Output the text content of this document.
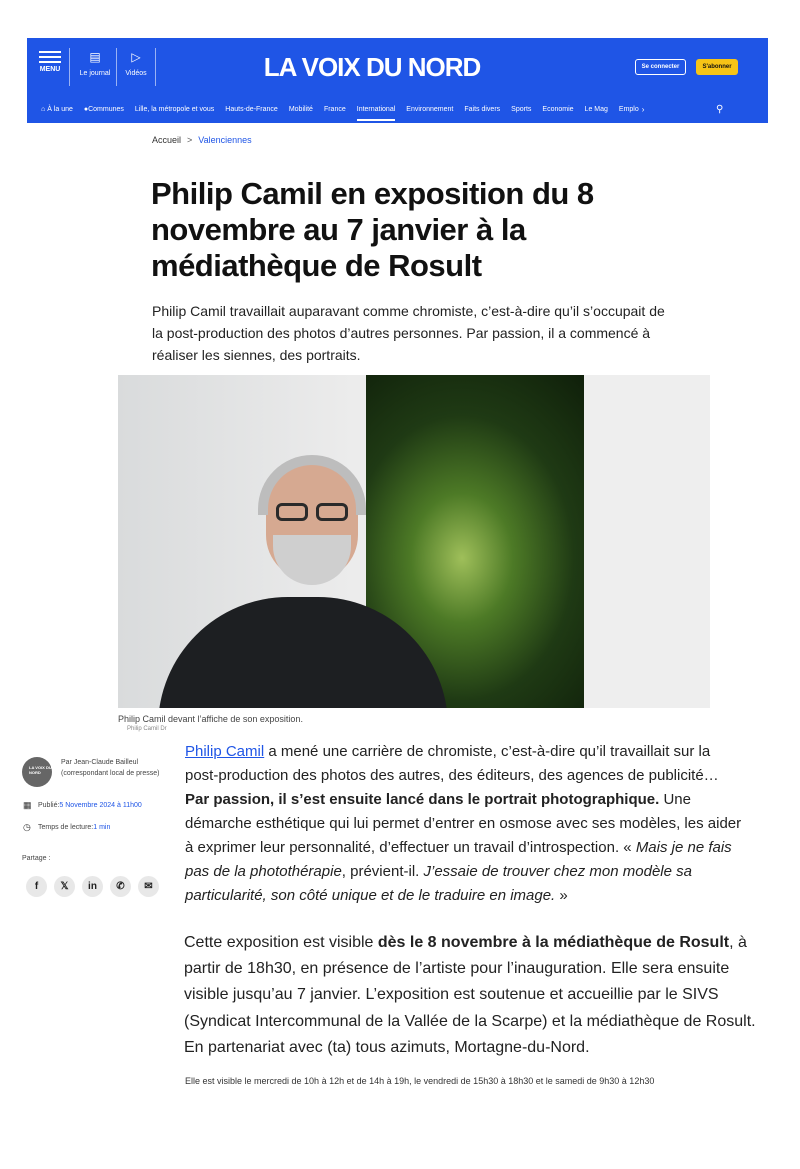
MENU
▤
Le journal
▷
Vidéos	LA VOIX DU NORD	Se connecter	S'abonner
⌂ À la une ●Communes Lille, la métropole et vous Hauts-de-France Mobilité France International Environnement Faits divers Sports Economie Le Mag Emplo ›	⚲
Accueil > Valenciennes
Philip Camil en exposition du 8 novembre au 7 janvier à la médiathèque de Rosult

Philip Camil travaillait auparavant comme chromiste, c’est-à-dire qu’il s’occupait de la post-production des photos d’autres personnes. Par passion, il a commencé à réaliser les siennes, des portraits.

Philip Camil devant l’affiche de son exposition.
Philip Camil Dr
LA VOIX DU NORD
Par Jean-Claude Bailleul
(correspondant local de presse)
▦ Publié: 5 Novembre 2024 à 11h00
◷	Temps de lecture: 1 min
Partage :
f	𝕏	in	✆	✉
Philip Camil a mené une carrière de chromiste, c’est-à-dire qu’il travaillait sur la post-production des photos des autres, des éditeurs, des agences de publicité… Par passion, il s’est ensuite lancé dans le portrait photographique. Une démarche esthétique qui lui permet d’entrer en osmose avec ses modèles, les aider à exprimer leur personnalité, d’effectuer un travail d’introspection. « Mais je ne fais pas de la photothérapie, prévient-il. J’essaie de trouver chez mon modèle sa particularité, son côté unique et de le traduire en image. »
Cette exposition est visible dès le 8 novembre à la médiathèque de Rosult, à partir de 18h30, en présence de l’artiste pour l’inauguration. Elle sera ensuite visible jusqu’au 7 janvier. L’exposition est soutenue et accueillie par le SIVS (Syndicat Intercommunal de la Vallée de la Scarpe) et la médiathèque de Rosult. En partenariat avec (ta) tous azimuts, Mortagne-du-Nord.
Elle est visible le mercredi de 10h à 12h et de 14h à 19h, le vendredi de 15h30 à 18h30 et le samedi de 9h30 à 12h30
